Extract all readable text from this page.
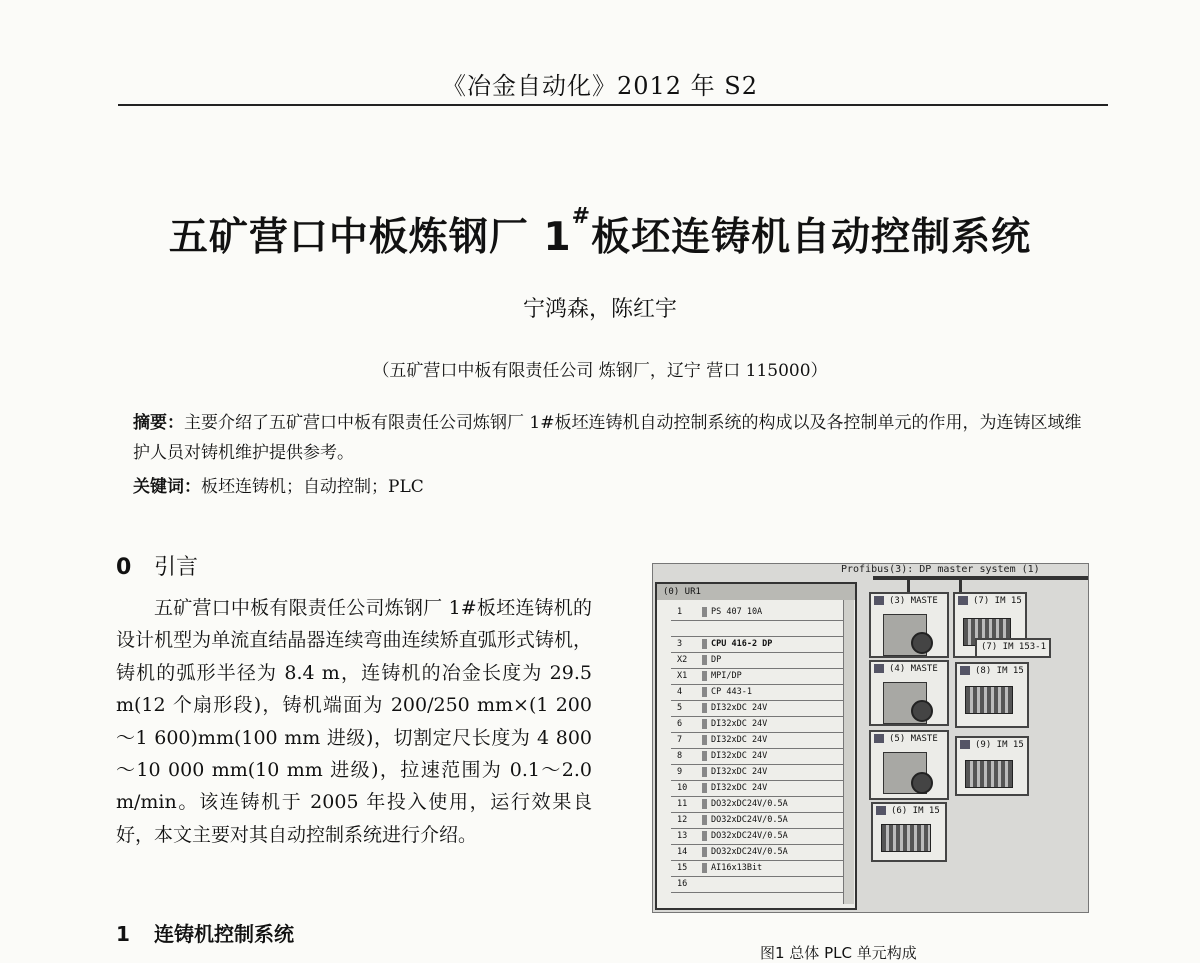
《冶金自动化》2012 年 S2
五矿营口中板炼钢厂 1#板坯连铸机自动控制系统
宁鸿森，陈红宇
（五矿营口中板有限责任公司 炼钢厂，辽宁 营口 115000）
摘要：主要介绍了五矿营口中板有限责任公司炼钢厂 1#板坯连铸机自动控制系统的构成以及各控制单元的作用，为连铸区域维护人员对铸机维护提供参考。
关键词：板坯连铸机；自动控制；PLC
0 引言
五矿营口中板有限责任公司炼钢厂 1#板坯连铸机的设计机型为单流直结晶器连续弯曲连续矫直弧形式铸机，铸机的弧形半径为 8.4 m，连铸机的冶金长度为 29.5 m(12 个扇形段)，铸机端面为 200/250 mm×(1 200～1 600)mm(100 mm 进级)，切割定尺长度为 4 800～10 000 mm(10 mm 进级)，拉速范围为 0.1～2.0 m/min。该连铸机于 2005 年投入使用，运行效果良好，本文主要对其自动控制系统进行介绍。
1 连铸机控制系统
Profibus(3): DP master system (1)
(0) UR1
1	PS 407 10A
3	CPU 416-2 DP
X2	DP
X1	MPI/DP
4	CP 443-1
5	DI32xDC 24V
6	DI32xDC 24V
7	DI32xDC 24V
8	DI32xDC 24V
9	DI32xDC 24V
10	DI32xDC 24V
11	DO32xDC24V/0.5A
12	DO32xDC24V/0.5A
13	DO32xDC24V/0.5A
14	DO32xDC24V/0.5A
15	AI16x13Bit
16
(3) MASTE
(4) MASTE
(5) MASTE
(6) IM 15
(7) IM 15
(7) IM 153-1
(8) IM 15
(9) IM 15
图1 总体 PLC 单元构成
